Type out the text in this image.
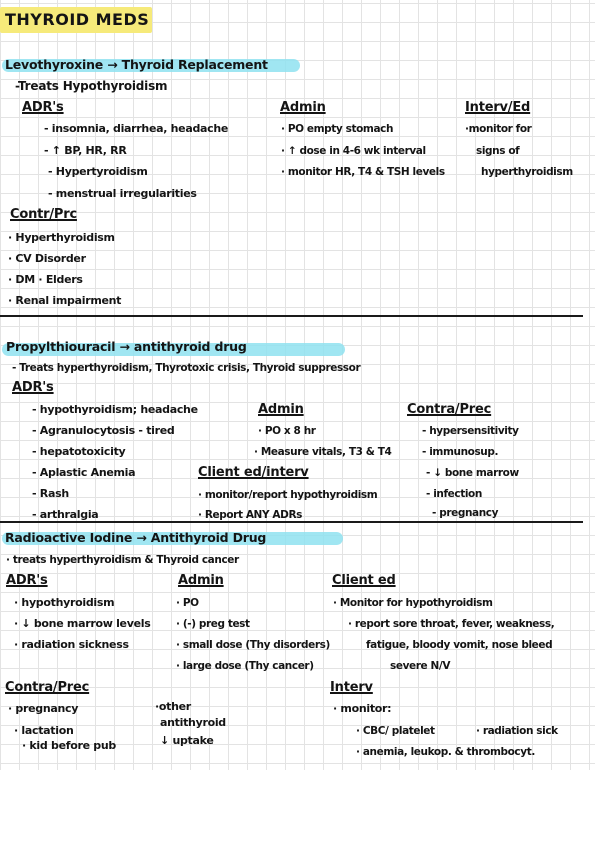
THYROID MEDS
Levothyroxine → Thyroid Replacement
-Treats Hypothyroidism
ADR's
- insomnia, diarrhea, headache
- ↑ BP, HR, RR
- Hypertyroidism
- menstrual irregularities
Admin
· PO empty stomach
· ↑ dose in 4-6 wk interval
· monitor HR, T4 & TSH levels
Interv/Ed
·monitor for
signs of
hyperthyroidism
Contr/Prc
· Hyperthyroidism
· CV Disorder
· DM · Elders
· Renal impairment
Propylthiouracil → antithyroid drug
- Treats hyperthyroidism, Thyrotoxic crisis, Thyroid suppressor
ADR's
- hypothyroidism; headache
- Agranulocytosis - tired
- hepatotoxicity
- Aplastic Anemia
- Rash
- arthralgia
Admin
· PO x 8 hr
· Measure vitals, T3 & T4
Contra/Prec
- hypersensitivity
- immunosup.
- ↓ bone marrow
- infection
- pregnancy
Client ed/interv
· monitor/report hypothyroidism
· Report ANY ADRs
Radioactive Iodine → Antithyroid Drug
· treats hyperthyroidism & Thyroid cancer
ADR's
· hypothyroidism
· ↓ bone marrow levels
· radiation sickness
Admin
· PO
· (-) preg test
· small dose (Thy disorders)
· large dose (Thy cancer)
Client ed
· Monitor for hypothyroidism
· report sore throat, fever, weakness,
fatigue, bloody vomit, nose bleed
severe N/V
Contra/Prec
· pregnancy
· lactation
· kid before pub
·other
antithyroid
↓ uptake
Interv
· monitor:
· CBC/ platelet	· radiation sick
· anemia, leukop. & thrombocyt.
